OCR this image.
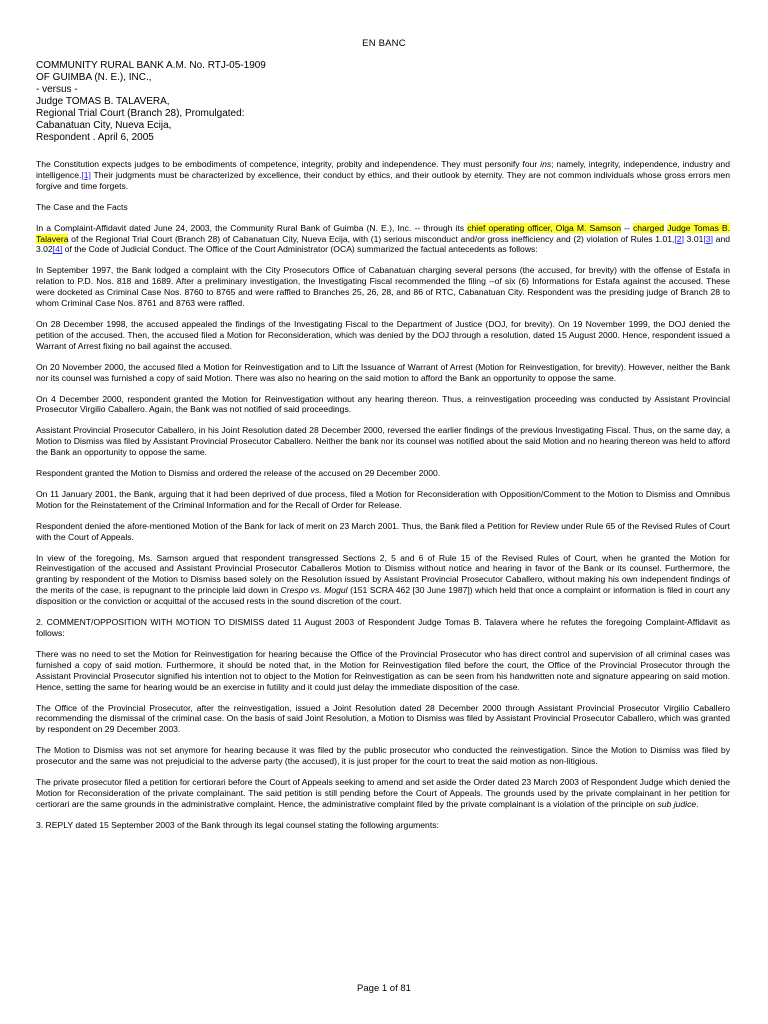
EN BANC
COMMUNITY RURAL BANK A.M. No. RTJ-05-1909
OF GUIMBA (N. E.), INC.,
- versus -
Judge TOMAS B. TALAVERA,
Regional Trial Court (Branch 28), Promulgated:
Cabanatuan City, Nueva Ecija,
Respondent . April 6, 2005

The Constitution expects judges to be embodiments of competence, integrity, probity and independence. They must personify four ins; namely, integrity, independence, industry and intelligence.[1] Their judgments must be characterized by excellence, their conduct by ethics, and their outlook by eternity. They are not common individuals whose gross errors men forgive and time forgets.

The Case and the Facts

In a Complaint-Affidavit dated June 24, 2003, the Community Rural Bank of Guimba (N. E.), Inc. -- through its chief operating officer, Olga M. Samson -- charged Judge Tomas B. Talavera of the Regional Trial Court (Branch 28) of Cabanatuan City, Nueva Ecija, with (1) serious misconduct and/or gross inefficiency and (2) violation of Rules 1.01,[2] 3.01[3] and 3.02[4] of the Code of Judicial Conduct. The Office of the Court Administrator (OCA) summarized the factual antecedents as follows:

In September 1997, the Bank lodged a complaint with the City Prosecutors Office of Cabanatuan charging several persons (the accused, for brevity) with the offense of Estafa in relation to P.D. Nos. 818 and 1689. After a preliminary investigation, the Investigating Fiscal recommended the filing --of six (6) Informations for Estafa against the accused. These were docketed as Criminal Case Nos. 8760 to 8765 and were raffled to Branches 25, 26, 28, and 86 of RTC, Cabanatuan City. Respondent was the presiding judge of Branch 28 to whom Criminal Case Nos. 8761 and 8763 were raffled.

On 28 December 1998, the accused appealed the findings of the Investigating Fiscal to the Department of Justice (DOJ, for brevity). On 19 November 1999, the DOJ denied the petition of the accused. Then, the accused filed a Motion for Reconsideration, which was denied by the DOJ through a resolution, dated 15 August 2000. Hence, respondent issued a Warrant of Arrest fixing no bail against the accused.

On 20 November 2000, the accused filed a Motion for Reinvestigation and to Lift the Issuance of Warrant of Arrest (Motion for Reinvestigation, for brevity). However, neither the Bank nor its counsel was furnished a copy of said Motion. There was also no hearing on the said motion to afford the Bank an opportunity to oppose the same.

On 4 December 2000, respondent granted the Motion for Reinvestigation without any hearing thereon. Thus, a reinvestigation proceeding was conducted by Assistant Provincial Prosecutor Virgilio Caballero. Again, the Bank was not notified of said proceedings.

Assistant Provincial Prosecutor Caballero, in his Joint Resolution dated 28 December 2000, reversed the earlier findings of the previous Investigating Fiscal. Thus, on the same day, a Motion to Dismiss was filed by Assistant Provincial Prosecutor Caballero. Neither the bank nor its counsel was notified about the said Motion and no hearing thereon was held to afford the Bank an opportunity to oppose the same.

Respondent granted the Motion to Dismiss and ordered the release of the accused on 29 December 2000.

On 11 January 2001, the Bank, arguing that it had been deprived of due process, filed a Motion for Reconsideration with Opposition/Comment to the Motion to Dismiss and Omnibus Motion for the Reinstatement of the Criminal Information and for the Recall of Order for Release.

Respondent denied the afore-mentioned Motion of the Bank for lack of merit on 23 March 2001. Thus, the Bank filed a Petition for Review under Rule 65 of the Revised Rules of Court with the Court of Appeals.

In view of the foregoing, Ms. Samson argued that respondent transgressed Sections 2, 5 and 6 of Rule 15 of the Revised Rules of Court, when he granted the Motion for Reinvestigation of the accused and Assistant Provincial Prosecutor Caballeros Motion to Dismiss without notice and hearing in favor of the Bank or its counsel. Furthermore, the granting by respondent of the Motion to Dismiss based solely on the Resolution issued by Assistant Provincial Prosecutor Caballero, without making his own independent findings of the merits of the case, is repugnant to the principle laid down in Crespo vs. Mogul (151 SCRA 462 [30 June 1987]) which held that once a complaint or information is filed in court any disposition or the conviction or acquittal of the accused rests in the sound discretion of the court.

2. COMMENT/OPPOSITION WITH MOTION TO DISMISS dated 11 August 2003 of Respondent Judge Tomas B. Talavera where he refutes the foregoing Complaint-Affidavit as follows:

There was no need to set the Motion for Reinvestigation for hearing because the Office of the Provincial Prosecutor who has direct control and supervision of all criminal cases was furnished a copy of said motion. Furthermore, it should be noted that, in the Motion for Reinvestigation filed before the court, the Office of the Provincial Prosecutor through the Assistant Provincial Prosecutor signified his intention not to object to the Motion for Reinvestigation as can be seen from his handwritten note and signature appearing on said motion. Hence, setting the same for hearing would be an exercise in futility and it could just delay the immediate disposition of the case.

The Office of the Provincial Prosecutor, after the reinvestigation, issued a Joint Resolution dated 28 December 2000 through Assistant Provincial Prosecutor Virgilio Caballero recommending the dismissal of the criminal case. On the basis of said Joint Resolution, a Motion to Dismiss was filed by Assistant Provincial Prosecutor Caballero, which was granted by respondent on 29 December 2003.

The Motion to Dismiss was not set anymore for hearing because it was filed by the public prosecutor who conducted the reinvestigation. Since the Motion to Dismiss was filed by prosecutor and the same was not prejudicial to the adverse party (the accused), it is just proper for the court to treat the said motion as non-litigious.

The private prosecutor filed a petition for certiorari before the Court of Appeals seeking to amend and set aside the Order dated 23 March 2003 of Respondent Judge which denied the Motion for Reconsideration of the private complainant. The said petition is still pending before the Court of Appeals. The grounds used by the private complainant in her petition for certiorari are the same grounds in the administrative complaint. Hence, the administrative complaint filed by the private complainant is a violation of the principle on sub judice.

3. REPLY dated 15 September 2003 of the Bank through its legal counsel stating the following arguments:

Page 1 of 81
